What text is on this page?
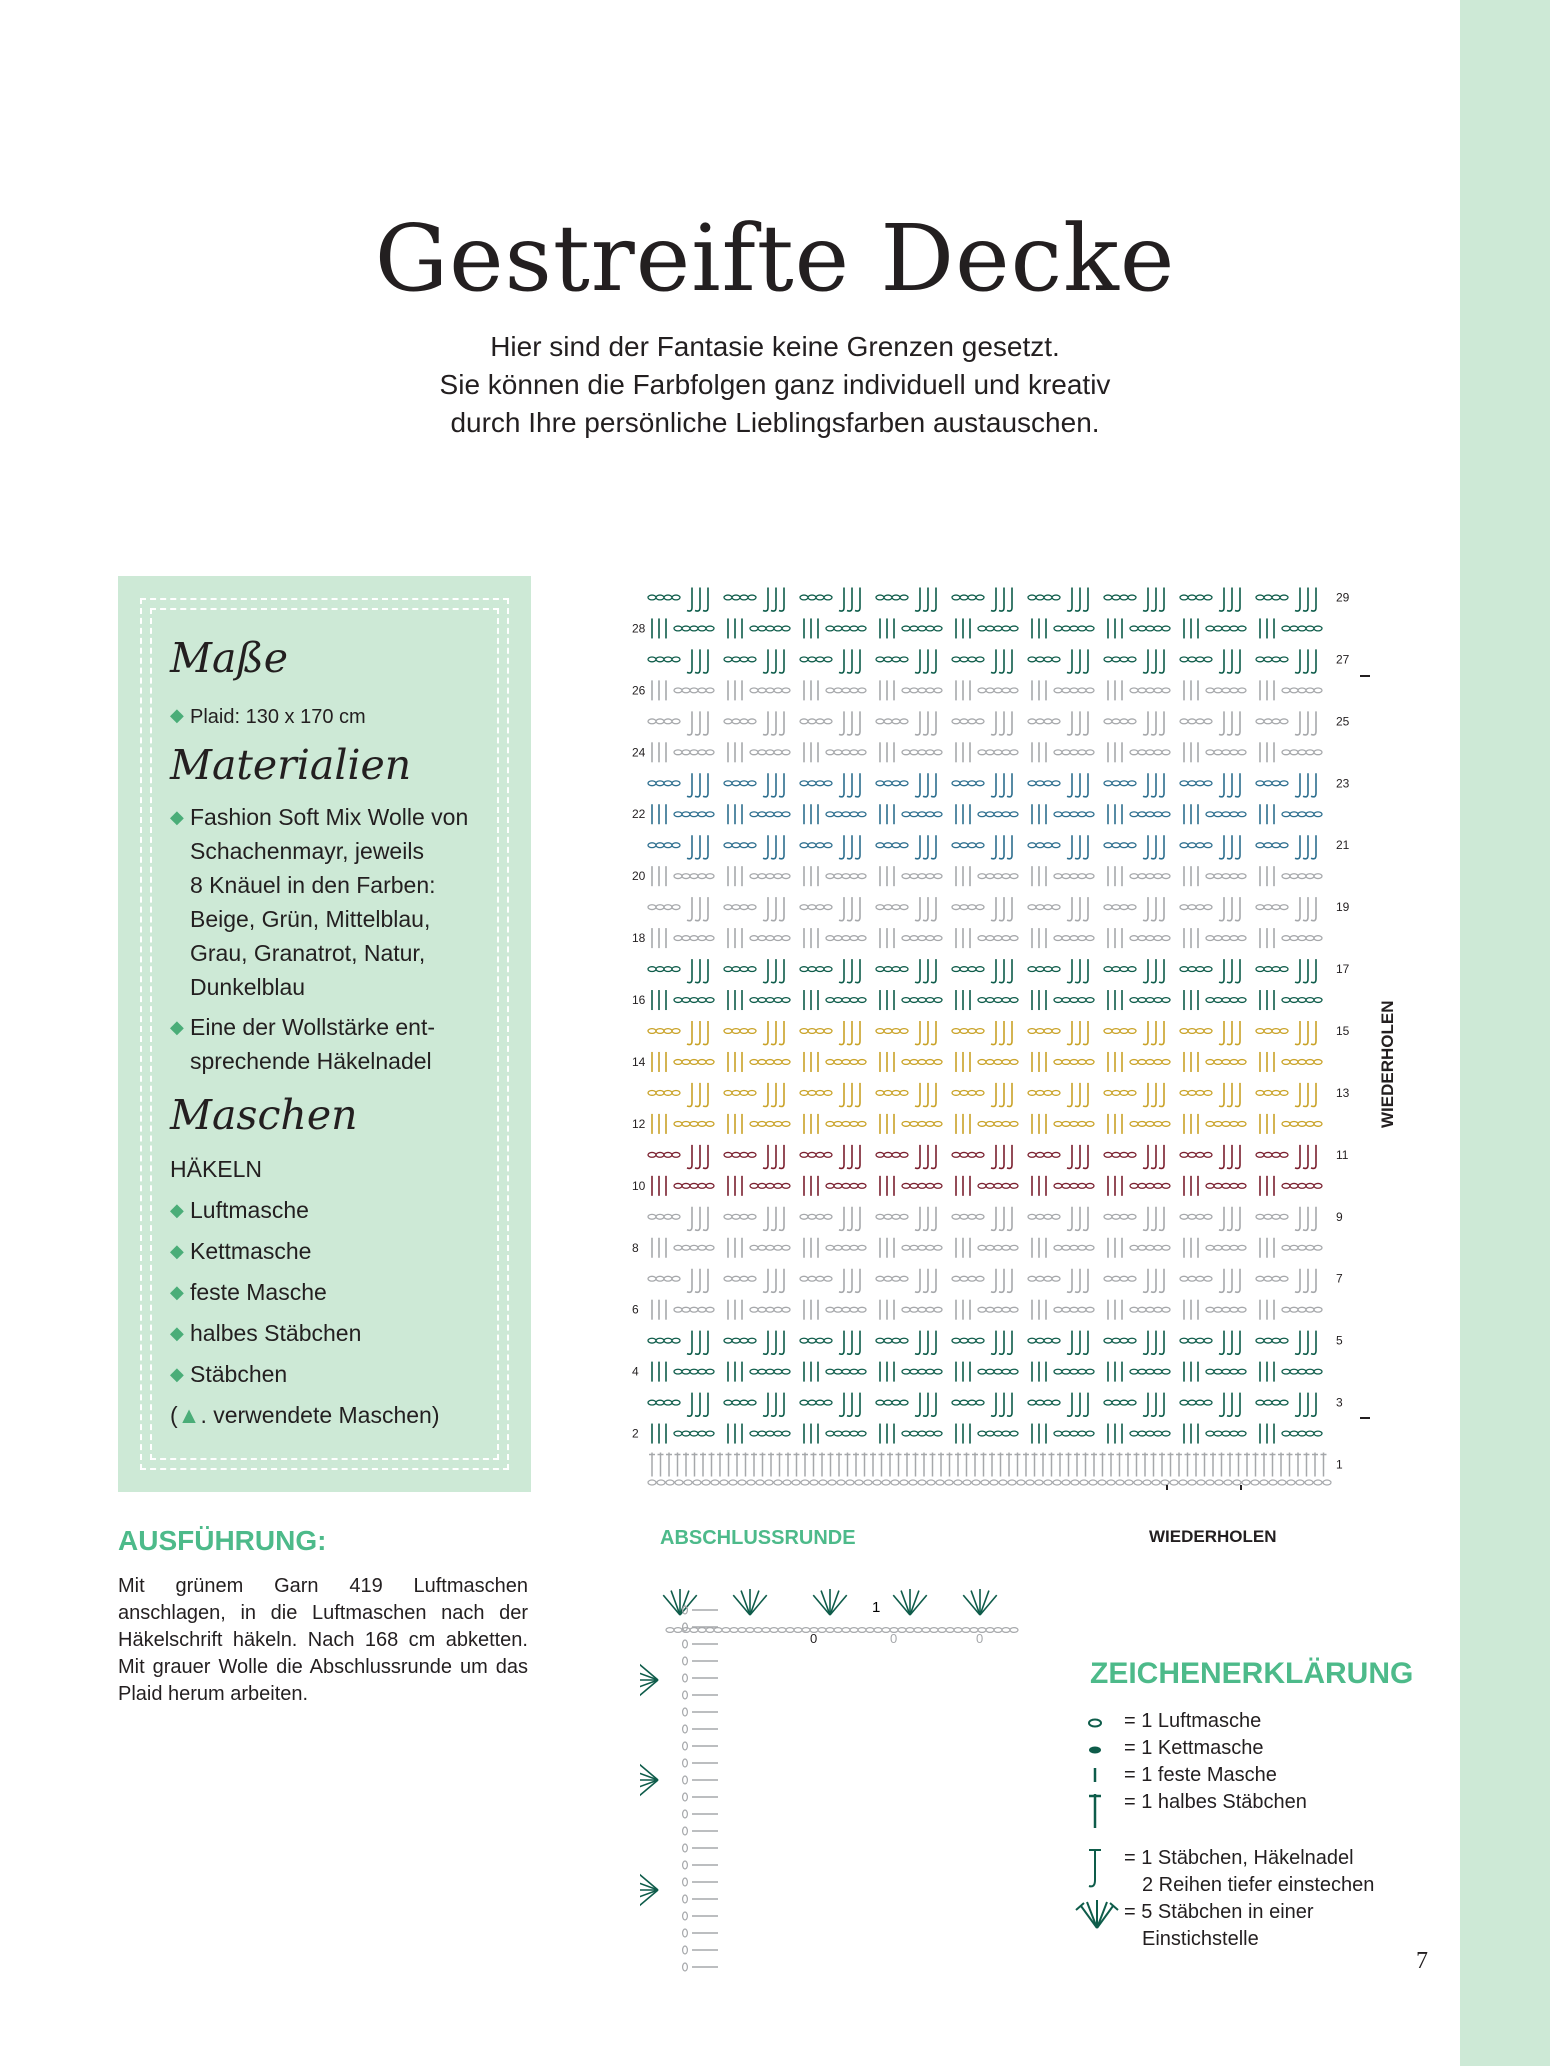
Gestreifte Decke
Hier sind der Fantasie keine Grenzen gesetzt.
Sie können die Farbfolgen ganz individuell und kreativ
durch Ihre persönliche Lieblingsfarben austauschen.
Maße
◆ Plaid: 130 x 170 cm
Materialien
◆ Fashion Soft Mix Wolle von
Schachenmayr, jeweils
8 Knäuel in den Farben:
Beige, Grün, Mittelblau,
Grau, Granatrot, Natur,
Dunkelblau
◆ Eine der Wollstärke ent-
sprechende Häkelnadel
Maschen
HÄKELN
◆ Luftmasche
◆ Kettmasche
◆ feste Masche
◆ halbes Stäbchen
◆ Stäbchen
(▲. verwendete Maschen)
AUSFÜHRUNG:
Mit grünem Garn 419 Luftmaschen anschlagen, in die Luftmaschen nach der Häkelschrift häkeln. Nach 168 cm abketten. Mit grauer Wolle die Abschlussrunde um das Plaid herum arbeiten.
28
26
24
22
20
18
16
14
12
10
8
6
4
2
29
27
25
23
21
19
17
15
13
11
9
7
5
3
1
WIEDERHOLEN
WIEDERHOLEN
ABSCHLUSSRUNDE
1
0	0	0
ZEICHENERKLÄRUNG
= 1 Luftmasche
= 1 Kettmasche
= 1 feste Masche
= 1 halbes Stäbchen
= 1 Stäbchen, Häkelnadel
2 Reihen tiefer einstechen
= 5 Stäbchen in einer
Einstichstelle
7
